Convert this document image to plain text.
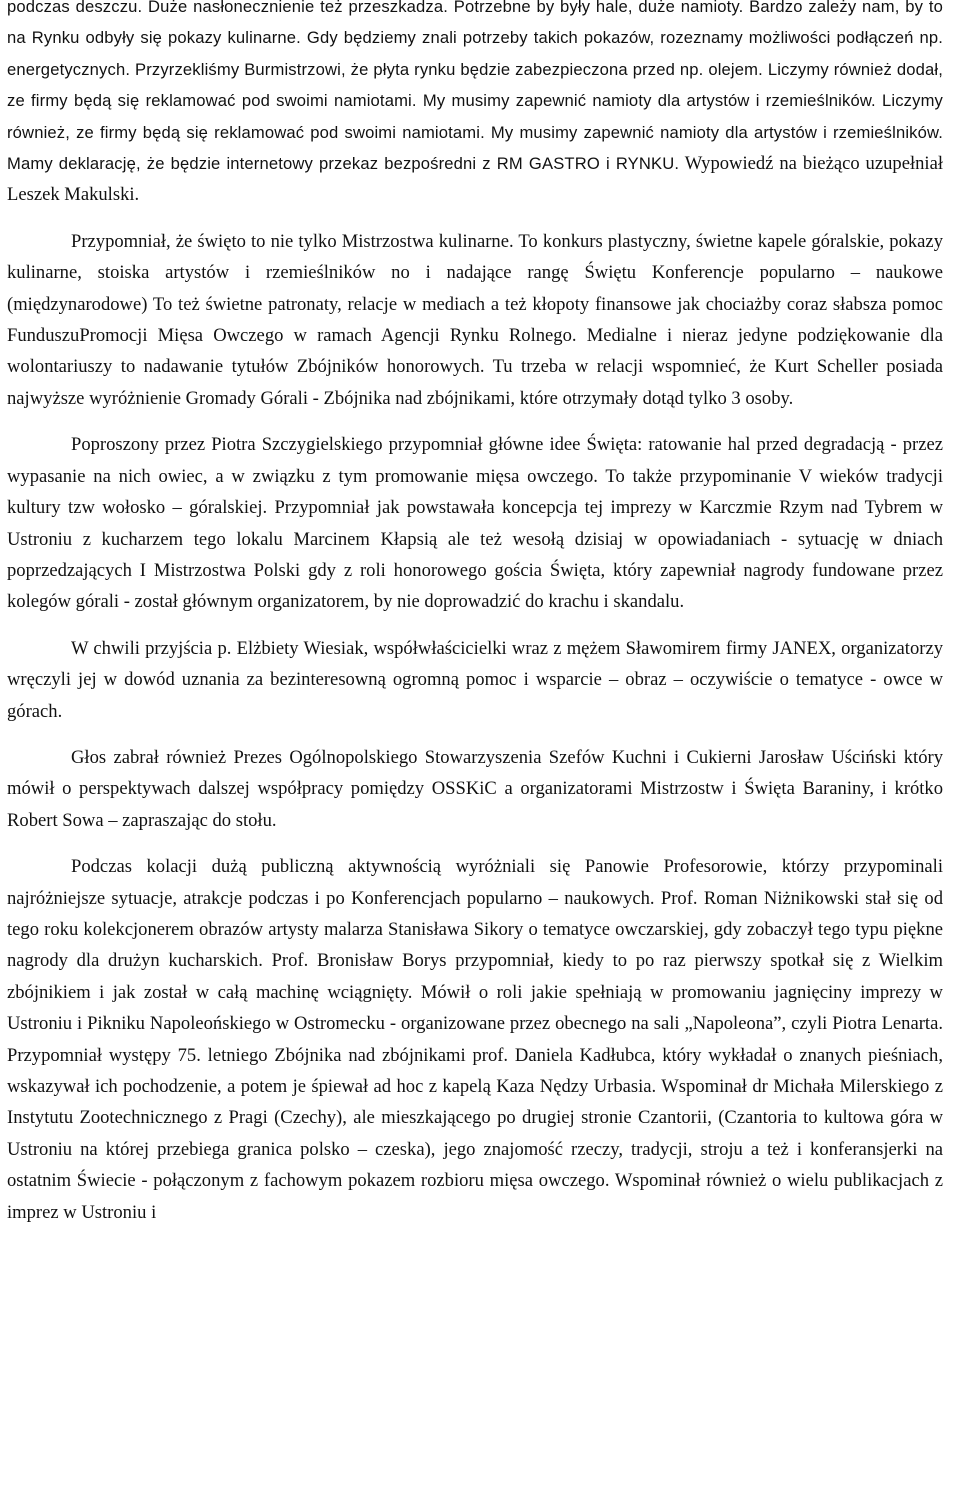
podczas deszczu. Duże nasłonecznienie też przeszkadza. Potrzebne by były hale, duże namioty. Bardzo zależy nam, by to na Rynku odbyły się pokazy kulinarne. Gdy będziemy znali potrzeby takich pokazów, rozeznamy możliwości podłączeń np. energetycznych. Przyrzekliśmy Burmistrzowi, że płyta rynku będzie zabezpieczona przed np. olejem. Liczymy również dodał, ze firmy będą się reklamować pod swoimi namiotami. My musimy zapewnić namioty dla artystów i rzemieślników. Liczymy również, ze firmy będą się reklamować pod swoimi namiotami. My musimy zapewnić namioty dla artystów i rzemieślników. Mamy deklarację, że będzie internetowy przekaz bezpośredni z RM GASTRO i RYNKU. Wypowiedź na bieżąco uzupełniał Leszek Makulski.

Przypomniał, że święto to nie tylko Mistrzostwa kulinarne. To konkurs plastyczny, świetne kapele góralskie, pokazy kulinarne, stoiska artystów i rzemieślników no i nadające rangę Świętu Konferencje popularno – naukowe (międzynarodowe) To też świetne patronaty, relacje w mediach a też kłopoty finansowe jak chociażby coraz słabsza pomoc FunduszuPromocji Mięsa Owczego w ramach Agencji Rynku Rolnego. Medialne i nieraz jedyne podziękowanie dla wolontariuszy to nadawanie tytułów Zbójników honorowych. Tu trzeba w relacji wspomnieć, że Kurt Scheller posiada najwyższe wyróżnienie Gromady Górali - Zbójnika nad zbójnikami, które otrzymały dotąd tylko 3 osoby.

Poproszony przez Piotra Szczygielskiego przypomniał główne idee Święta: ratowanie hal przed degradacją - przez wypasanie na nich owiec, a w związku z tym promowanie mięsa owczego. To także przypominanie V wieków tradycji kultury tzw wołosko – góralskiej. Przypomniał jak powstawała koncepcja tej imprezy w Karczmie Rzym nad Tybrem w Ustroniu z kucharzem tego lokalu Marcinem Kłapsią ale też wesołą dzisiaj w opowiadaniach - sytuację w dniach poprzedzających I Mistrzostwa Polski gdy z roli honorowego gościa Święta, który zapewniał nagrody fundowane przez kolegów górali - został głównym organizatorem, by nie doprowadzić do krachu i skandalu.

W chwili przyjścia p. Elżbiety Wiesiak, współwłaścicielki wraz z mężem Sławomirem firmy JANEX, organizatorzy wręczyli jej w dowód uznania za bezinteresowną ogromną pomoc i wsparcie – obraz – oczywiście o tematyce - owce w górach.

Głos zabrał również Prezes Ogólnopolskiego Stowarzyszenia Szefów Kuchni i Cukierni Jarosław Uściński który mówił o perspektywach dalszej współpracy pomiędzy OSSKiC a organizatorami Mistrzostw i Święta Baraniny, i krótko Robert Sowa – zapraszając do stołu.

Podczas kolacji dużą publiczną aktywnością wyróżniali się Panowie Profesorowie, którzy przypominali najróżniejsze sytuacje, atrakcje podczas i po Konferencjach popularno – naukowych. Prof. Roman Niżnikowski stał się od tego roku kolekcjonerem obrazów artysty malarza Stanisława Sikory o tematyce owczarskiej, gdy zobaczył tego typu piękne nagrody dla drużyn kucharskich. Prof. Bronisław Borys przypomniał, kiedy to po raz pierwszy spotkał się z Wielkim zbójnikiem i jak został w całą machinę wciągnięty. Mówił o roli jakie spełniają w promowaniu jagnięciny imprezy w Ustroniu i Pikniku Napoleońskiego w Ostromecku - organizowane przez obecnego na sali „Napoleona”, czyli Piotra Lenarta. Przypomniał występy 75. letniego Zbójnika nad zbójnikami prof. Daniela Kadłubca, który wykładał o znanych pieśniach, wskazywał ich pochodzenie, a potem je śpiewał ad hoc z kapelą Kaza Nędzy Urbasia. Wspominał dr Michała Milerskiego z Instytutu Zootechnicznego z Pragi (Czechy), ale mieszkającego po drugiej stronie Czantorii, (Czantoria to kultowa góra w Ustroniu na której przebiega granica polsko – czeska), jego znajomość rzeczy, tradycji, stroju a też i konferansjerki na ostatnim Świecie - połączonym z fachowym pokazem rozbioru mięsa owczego. Wspominał również o wielu publikacjach z imprez w Ustroniu i
